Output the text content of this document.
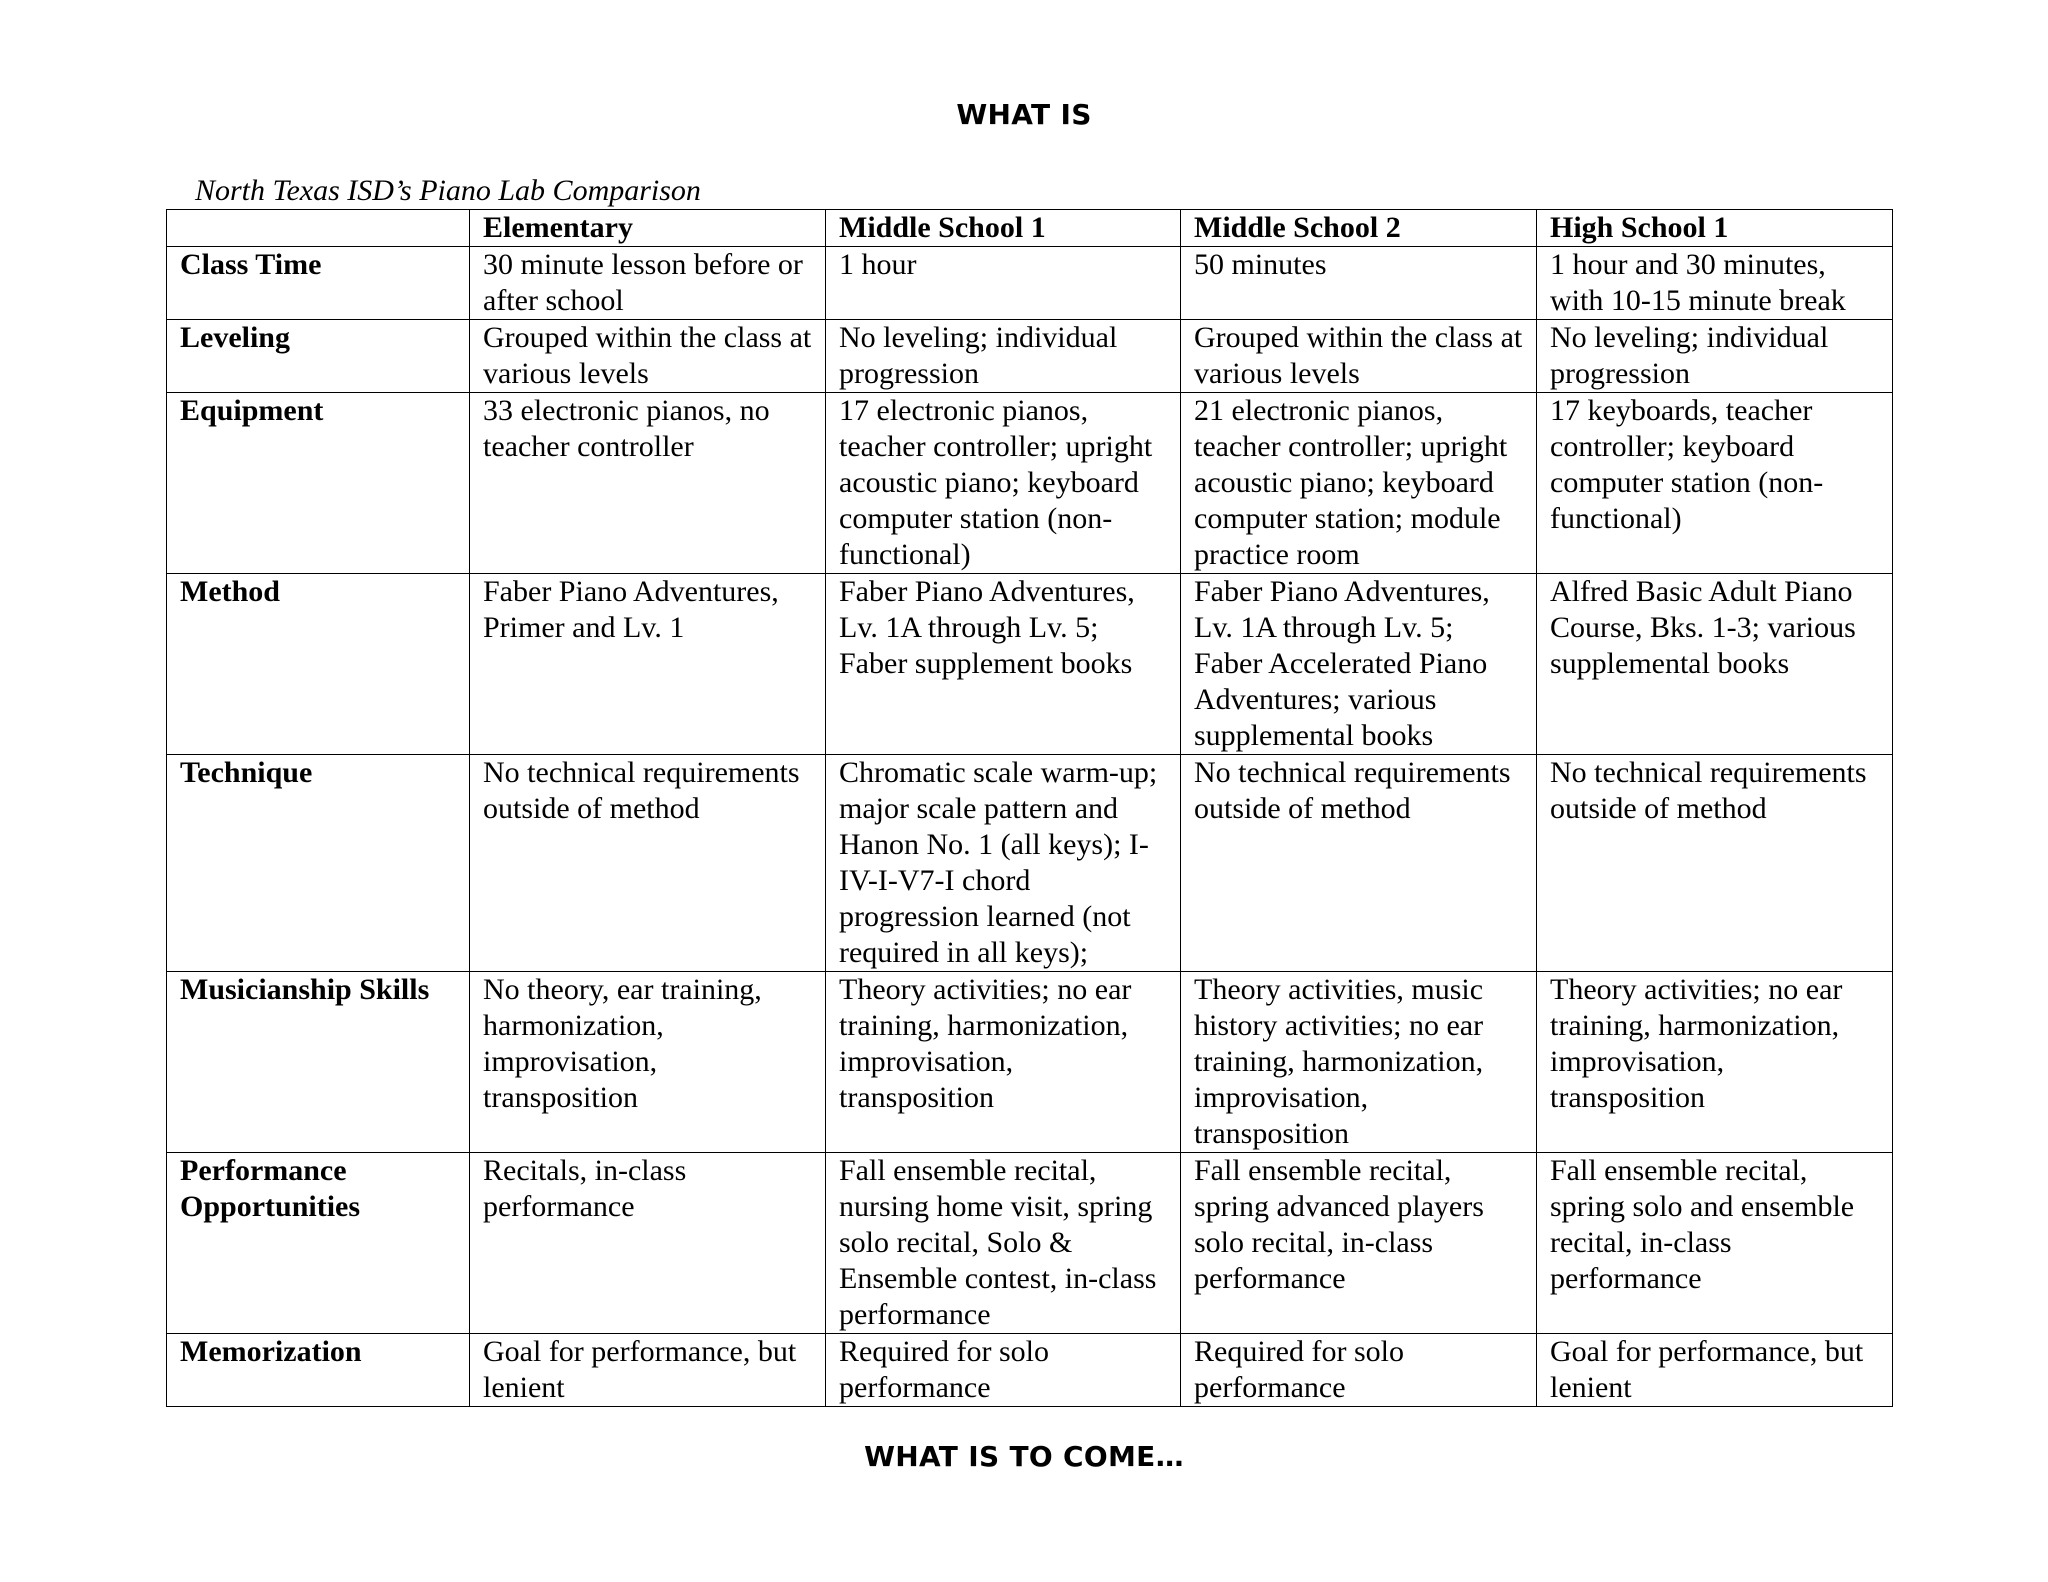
WHAT IS
North Texas ISD’s Piano Lab Comparison
	Elementary	Middle School 1	Middle School 2	High School 1
Class Time	30 minute lesson before or after school	1 hour	50 minutes	1 hour and 30 minutes, with 10-15 minute break
Leveling	Grouped within the class at various levels	No leveling; individual progression	Grouped within the class at various levels	No leveling; individual progression
Equipment	33 electronic pianos, no teacher controller	17 electronic pianos, teacher controller; upright acoustic piano; keyboard computer station (non-functional)	21 electronic pianos, teacher controller; upright acoustic piano; keyboard computer station; module practice room	17 keyboards, teacher controller; keyboard computer station (non-functional)
Method	Faber Piano Adventures, Primer and Lv. 1	Faber Piano Adventures, Lv. 1A through Lv. 5; Faber supplement books	Faber Piano Adventures, Lv. 1A through Lv. 5; Faber Accelerated Piano Adventures; various supplemental books	Alfred Basic Adult Piano Course, Bks. 1-3; various supplemental books
Technique	No technical requirements outside of method	Chromatic scale warm-up; major scale pattern and Hanon No. 1 (all keys); I-IV-I-V7-I chord progression learned (not required in all keys);	No technical requirements outside of method	No technical requirements outside of method
Musicianship Skills	No theory, ear training, harmonization, improvisation, transposition	Theory activities; no ear training, harmonization, improvisation, transposition	Theory activities, music history activities; no ear training, harmonization, improvisation, transposition	Theory activities; no ear training, harmonization, improvisation, transposition
Performance Opportunities	Recitals, in-class performance	Fall ensemble recital, nursing home visit, spring solo recital, Solo & Ensemble contest, in-class performance	Fall ensemble recital, spring advanced players solo recital, in-class performance	Fall ensemble recital, spring solo and ensemble recital, in-class performance
Memorization	Goal for performance, but lenient	Required for solo performance	Required for solo performance	Goal for performance, but lenient
WHAT IS TO COME…
